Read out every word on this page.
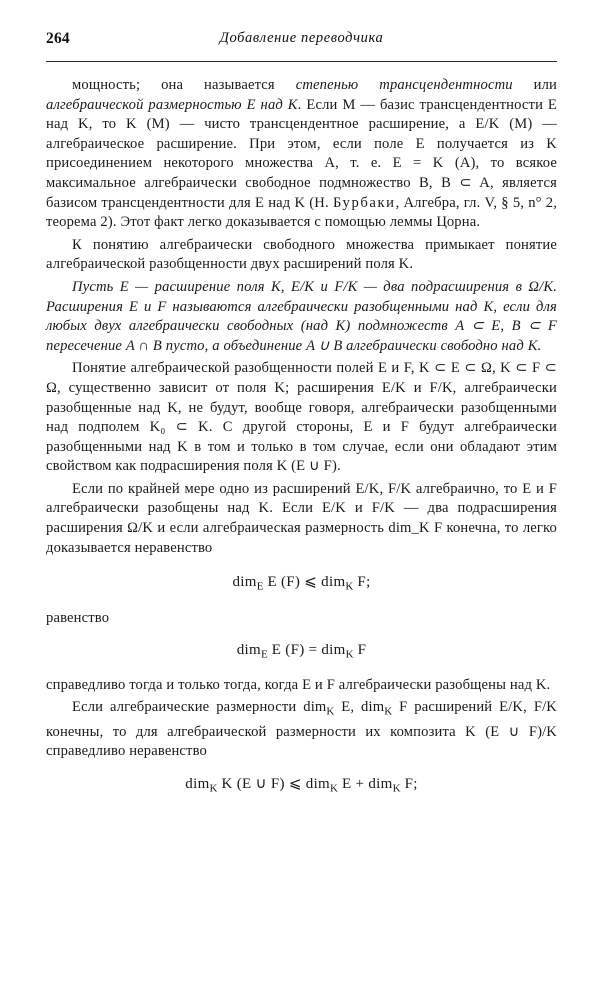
264	Добавление переводчика

мощность; она называется степенью трансцендентности или алгебраической размерностью E над K. Если M — базис трансцендентности E над K, то K (M) — чисто трансцендентное расширение, а E/K (M) — алгебраическое расширение. При этом, если поле E получается из K присоединением некоторого множества A, т. е. E = K (A), то всякое максимальное алгебраически свободное подмножество B, B ⊂ A, является базисом трансцендентности для E над K (Н. Бурбаки, Алгебра, гл. V, § 5, n° 2, теорема 2). Этот факт легко доказывается с помощью леммы Цорна.

К понятию алгебраически свободного множества примыкает понятие алгебраической разобщенности двух расширений поля K.

Пусть E — расширение поля K, E/K и F/K — два подрасширения в Ω/K. Расширения E и F называются алгебраически разобщенными над K, если для любых двух алгебраически свободных (над K) подмножеств A ⊂ E, B ⊂ F пересечение A ∩ B пусто, а объединение A ∪ B алгебраически свободно над K.

Понятие алгебраической разобщенности полей E и F, K ⊂ E ⊂ Ω, K ⊂ F ⊂ Ω, существенно зависит от поля K; расширения E/K и F/K, алгебраически разобщенные над K, не будут, вообще говоря, алгебраически разобщенными над подполем K₀ ⊂ K. С другой стороны, E и F будут алгебраически разобщенными над K в том и только в том случае, если они обладают этим свойством как подрасширения поля K (E ∪ F).

Если по крайней мере одно из расширений E/K, F/K алгебраично, то E и F алгебраически разобщены над K. Если E/K и F/K — два подрасширения расширения Ω/K и если алгебраическая размерность dim_K F конечна, то легко доказывается неравенство

dim$_E$ E (F) ⩽ dim$_K$ F;

равенство

dim$_E$ E (F) = dim$_K$ F

справедливо тогда и только тогда, когда E и F алгебраически разобщены над K.

Если алгебраические размерности dim$_K$ E, dim$_K$ F расширений E/K, F/K конечны, то для алгебраической размерности их композита K (E ∪ F)/K справедливо неравенство

dim$_K$ K (E ∪ F) ⩽ dim$_K$ E + dim$_K$ F;
